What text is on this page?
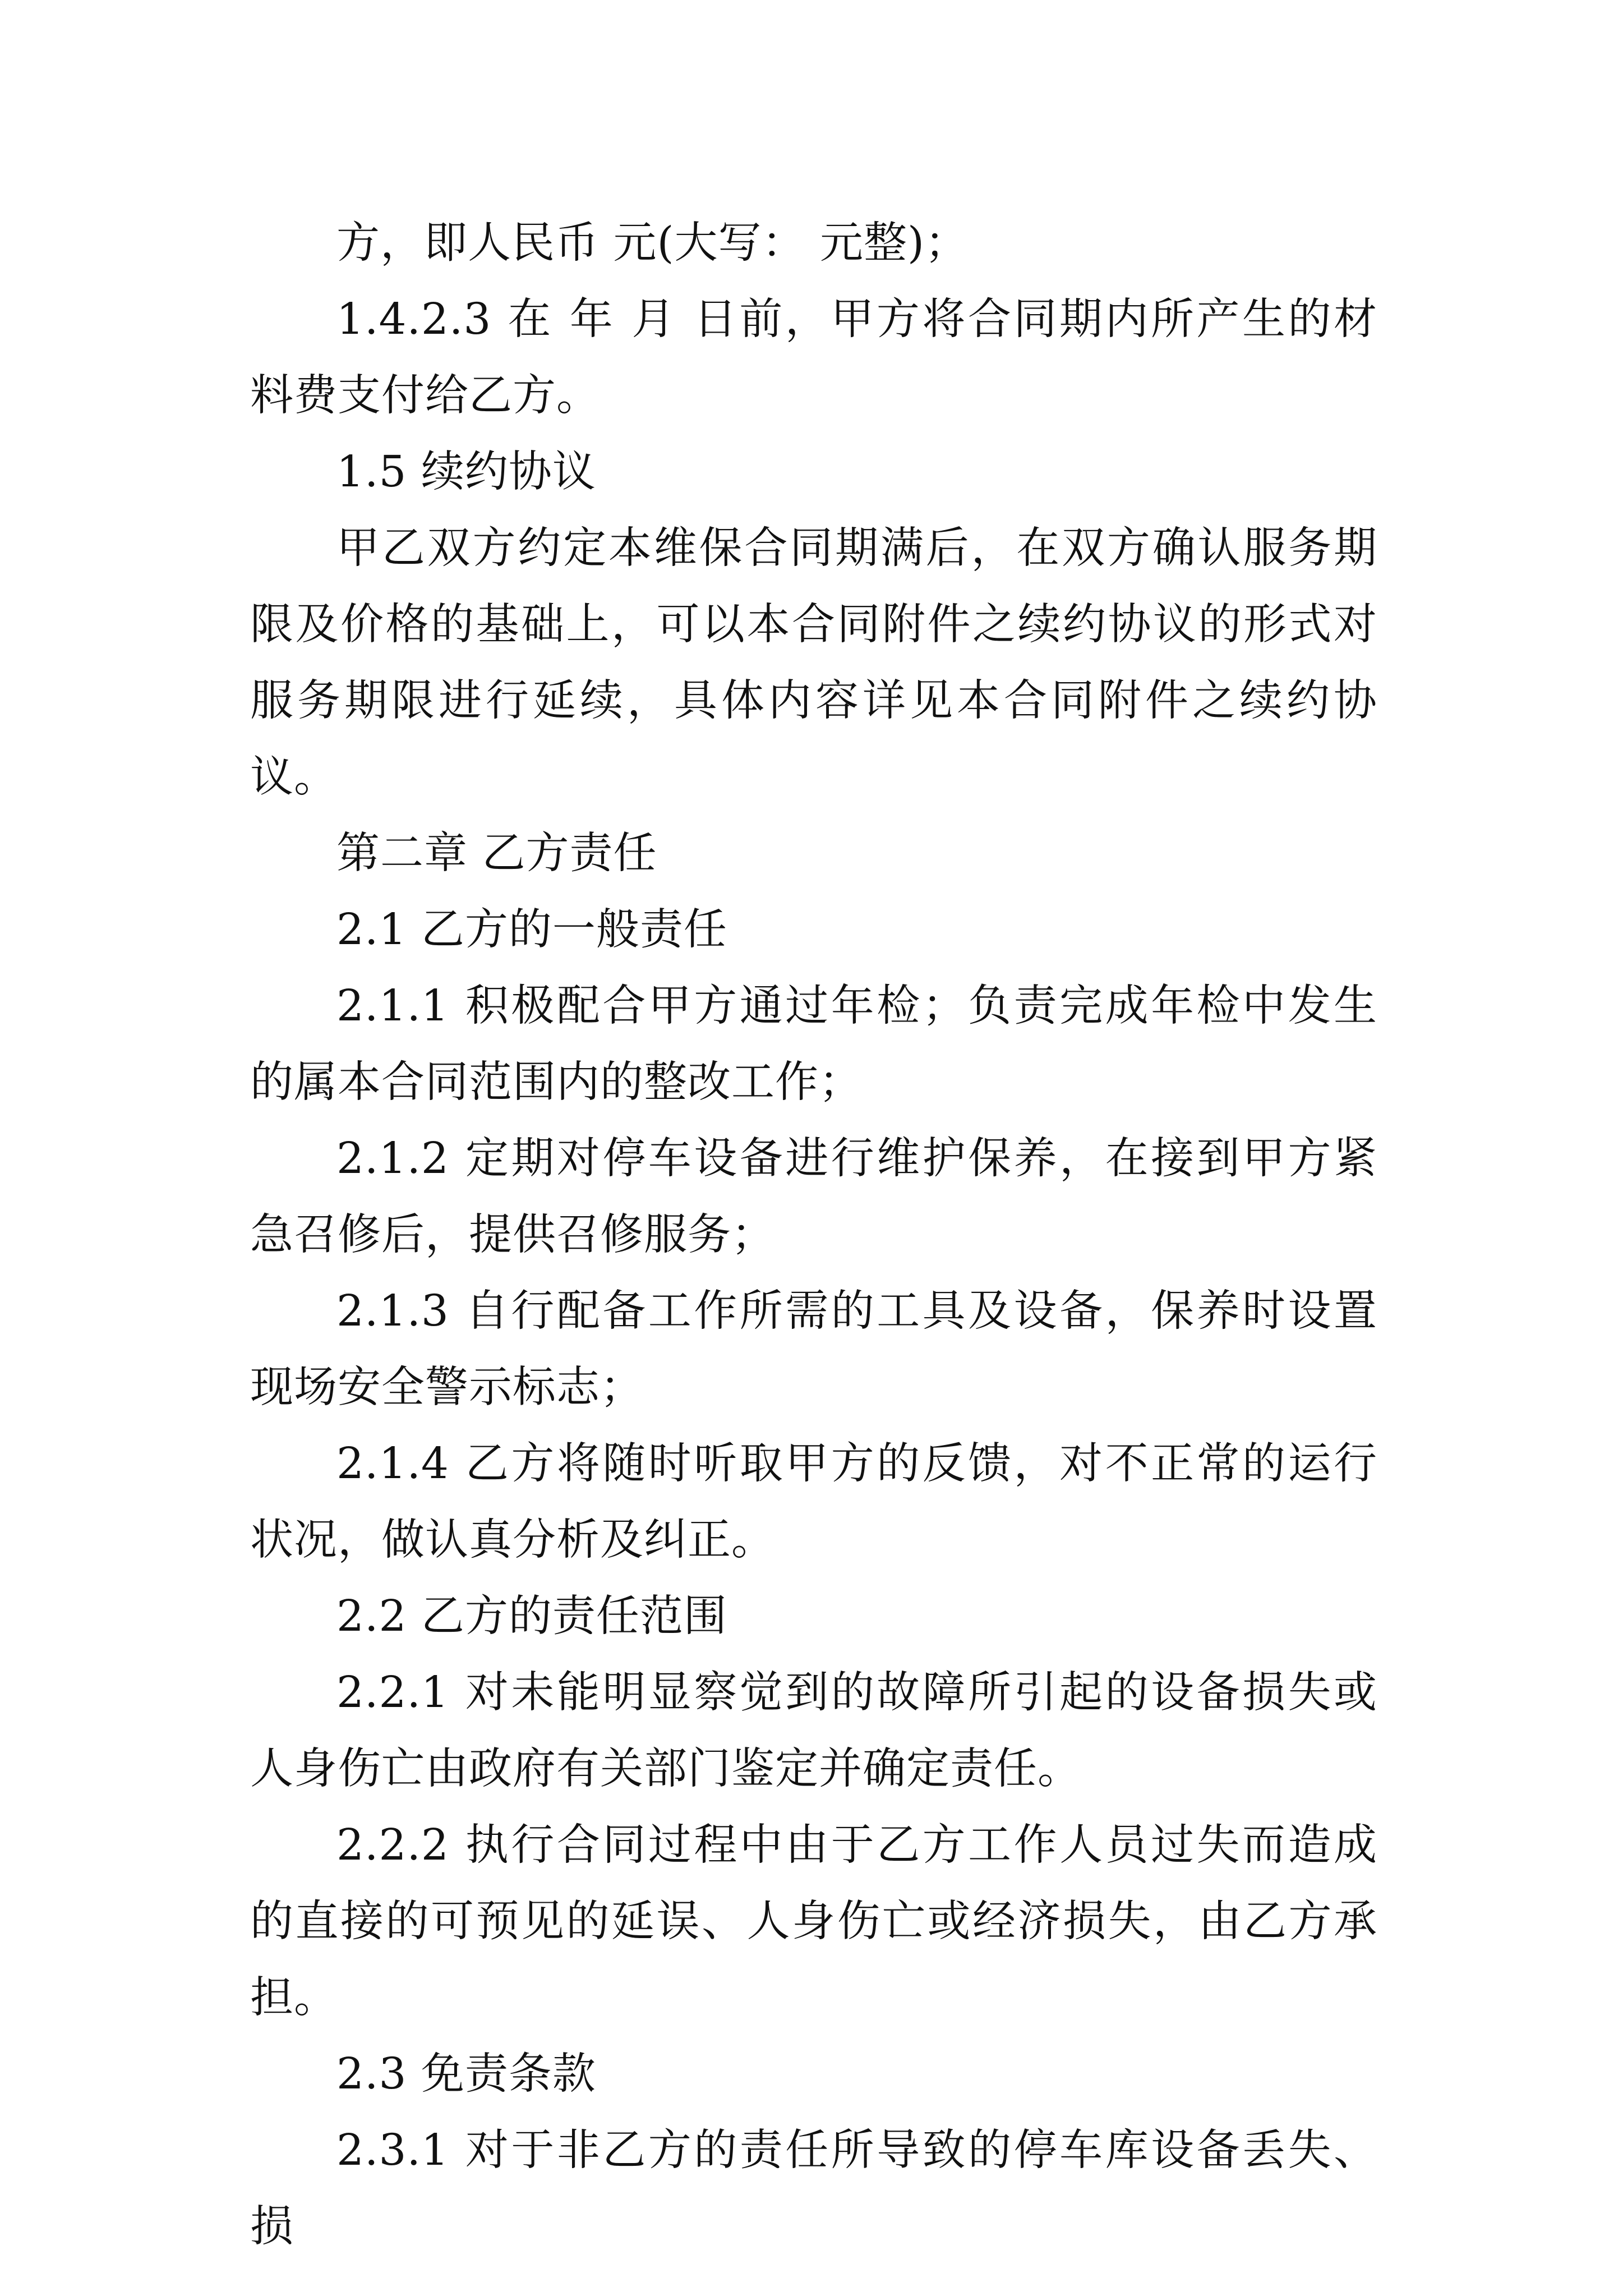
方，即人民币 元(大写： 元整)；

1.4.2.3 在 年 月 日前，甲方将合同期内所产生的材料费支付给乙方。

1.5 续约协议

甲乙双方约定本维保合同期满后，在双方确认服务期限及价格的基础上，可以本合同附件之续约协议的形式对服务期限进行延续，具体内容详见本合同附件之续约协议。

第二章 乙方责任

2.1 乙方的一般责任

2.1.1 积极配合甲方通过年检；负责完成年检中发生的属本合同范围内的整改工作；

2.1.2 定期对停车设备进行维护保养，在接到甲方紧急召修后，提供召修服务；

2.1.3 自行配备工作所需的工具及设备，保养时设置现场安全警示标志；

2.1.4 乙方将随时听取甲方的反馈，对不正常的运行状况，做认真分析及纠正。

2.2 乙方的责任范围

2.2.1 对未能明显察觉到的故障所引起的设备损失或人身伤亡由政府有关部门鉴定并确定责任。

2.2.2 执行合同过程中由于乙方工作人员过失而造成的直接的可预见的延误、人身伤亡或经济损失，由乙方承担。

2.3 免责条款

2.3.1 对于非乙方的责任所导致的停车库设备丢失、损
